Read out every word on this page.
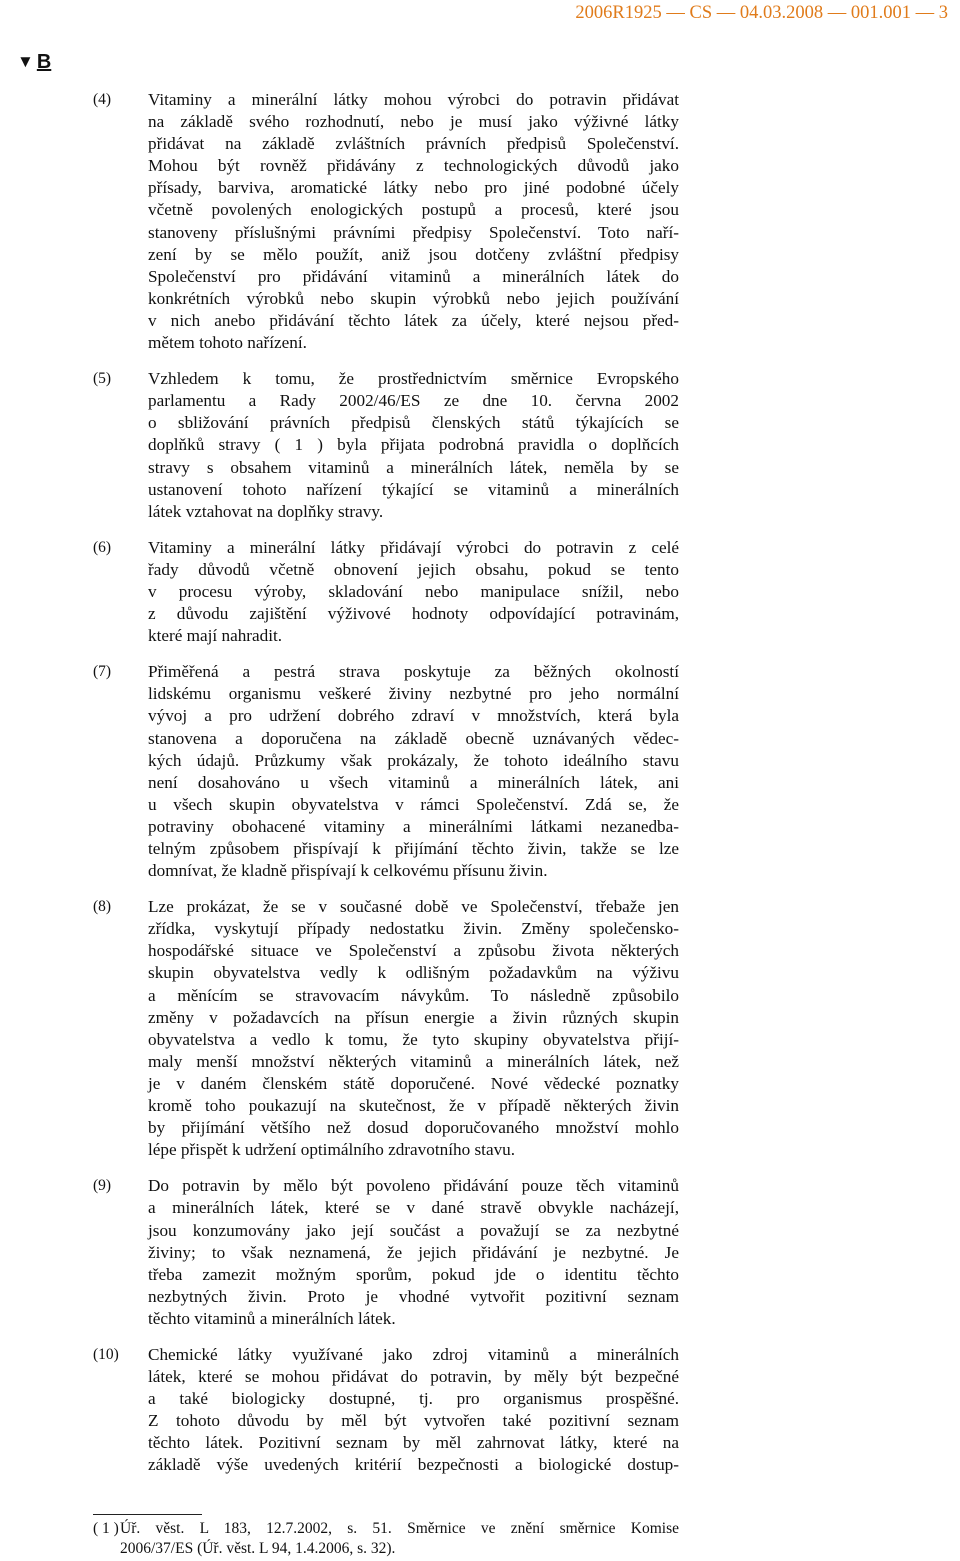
2006R1925 — CS — 04.03.2008 — 001.001 — 3
▼ B
(4) Vitaminy a minerální látky mohou výrobci do potravin přidávat
na základě svého rozhodnutí, nebo je musí jako výživné látky
přidávat na základě zvláštních právních předpisů Společenství.
Mohou být rovněž přidávány z technologických důvodů jako
přísady, barviva, aromatické látky nebo pro jiné podobné účely
včetně povolených enologických postupů a procesů, které jsou
stanoveny příslušnými právními předpisy Společenství. Toto naří-
zení by se mělo použít, aniž jsou dotčeny zvláštní předpisy
Společenství pro přidávání vitaminů a minerálních látek do
konkrétních výrobků nebo skupin výrobků nebo jejich používání
v nich anebo přidávání těchto látek za účely, které nejsou před-
mětem tohoto nařízení.
(5) Vzhledem k tomu, že prostřednictvím směrnice Evropského
parlamentu a Rady 2002/46/ES ze dne 10. června 2002
o sbližování právních předpisů členských států týkajících se
doplňků stravy ( 1 ) byla přijata podrobná pravidla o doplňcích
stravy s obsahem vitaminů a minerálních látek, neměla by se
ustanovení tohoto nařízení týkající se vitaminů a minerálních
látek vztahovat na doplňky stravy.
(6) Vitaminy a minerální látky přidávají výrobci do potravin z celé
řady důvodů včetně obnovení jejich obsahu, pokud se tento
v procesu výroby, skladování nebo manipulace snížil, nebo
z důvodu zajištění výživové hodnoty odpovídající potravinám,
které mají nahradit.
(7) Přiměřená a pestrá strava poskytuje za běžných okolností
lidskému organismu veškeré živiny nezbytné pro jeho normální
vývoj a pro udržení dobrého zdraví v množstvích, která byla
stanovena a doporučena na základě obecně uznávaných vědec-
kých údajů. Průzkumy však prokázaly, že tohoto ideálního stavu
není dosahováno u všech vitaminů a minerálních látek, ani
u všech skupin obyvatelstva v rámci Společenství. Zdá se, že
potraviny obohacené vitaminy a minerálními látkami nezanedba-
telným způsobem přispívají k přijímání těchto živin, takže se lze
domnívat, že kladně přispívají k celkovému přísunu živin.
(8) Lze prokázat, že se v současné době ve Společenství, třebaže jen
zřídka, vyskytují případy nedostatku živin. Změny společensko-
hospodářské situace ve Společenství a způsobu života některých
skupin obyvatelstva vedly k odlišným požadavkům na výživu
a měnícím se stravovacím návykům. To následně způsobilo
změny v požadavcích na přísun energie a živin různých skupin
obyvatelstva a vedlo k tomu, že tyto skupiny obyvatelstva přijí-
maly menší množství některých vitaminů a minerálních látek, než
je v daném členském státě doporučené. Nové vědecké poznatky
kromě toho poukazují na skutečnost, že v případě některých živin
by přijímání většího než dosud doporučovaného množství mohlo
lépe přispět k udržení optimálního zdravotního stavu.
(9) Do potravin by mělo být povoleno přidávání pouze těch vitaminů
a minerálních látek, které se v dané stravě obvykle nacházejí,
jsou konzumovány jako její součást a považují se za nezbytné
živiny; to však neznamená, že jejich přidávání je nezbytné. Je
třeba zamezit možným sporům, pokud jde o identitu těchto
nezbytných živin. Proto je vhodné vytvořit pozitivní seznam
těchto vitaminů a minerálních látek.
(10) Chemické látky využívané jako zdroj vitaminů a minerálních
látek, které se mohou přidávat do potravin, by měly být bezpečné
a také biologicky dostupné, tj. pro organismus prospěšné.
Z tohoto důvodu by měl být vytvořen také pozitivní seznam
těchto látek. Pozitivní seznam by měl zahrnovat látky, které na
základě výše uvedených kritérií bezpečnosti a biologické dostup-
( 1 ) Úř. věst. L 183, 12.7.2002, s. 51. Směrnice ve znění směrnice Komise
2006/37/ES (Úř. věst. L 94, 1.4.2006, s. 32).
